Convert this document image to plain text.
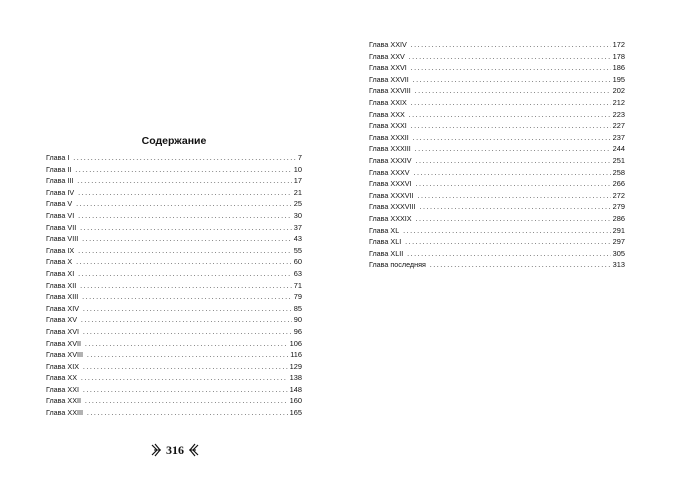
Содержание
Глава I . . .	7
Глава II . . .	10
Глава III . . .	17
Глава IV . . .	21
Глава V . . .	25
Глава VI . . .	30
Глава VII . . .	37
Глава VIII . . .	43
Глава IX . . .	55
Глава X . . .	60
Глава XI . . .	63
Глава XII . . .	71
Глава XIII . . .	79
Глава XIV . . .	85
Глава XV . . .	90
Глава XVI . . .	96
Глава XVII . . .	106
Глава XVIII . . .	116
Глава XIX . . .	129
Глава XX . . .	138
Глава XXI . . .	148
Глава XXII . . .	160
Глава XXIII . . .	165
Глава XXIV . . .	172
Глава XXV . . .	178
Глава XXVI . . .	186
Глава XXVII . . .	195
Глава XXVIII . . .	202
Глава XXIX . . .	212
Глава XXX . . .	223
Глава XXXI . . .	227
Глава XXXII . . .	237
Глава XXXIII . . .	244
Глава XXXIV . . .	251
Глава XXXV . . .	258
Глава XXXVI . . .	266
Глава XXXVII . . .	272
Глава XXXVIII . . .	279
Глава XXXIX . . .	286
Глава XL . . .	291
Глава XLI . . .	297
Глава XLII . . .	305
Глава последняя . . .	313
316
